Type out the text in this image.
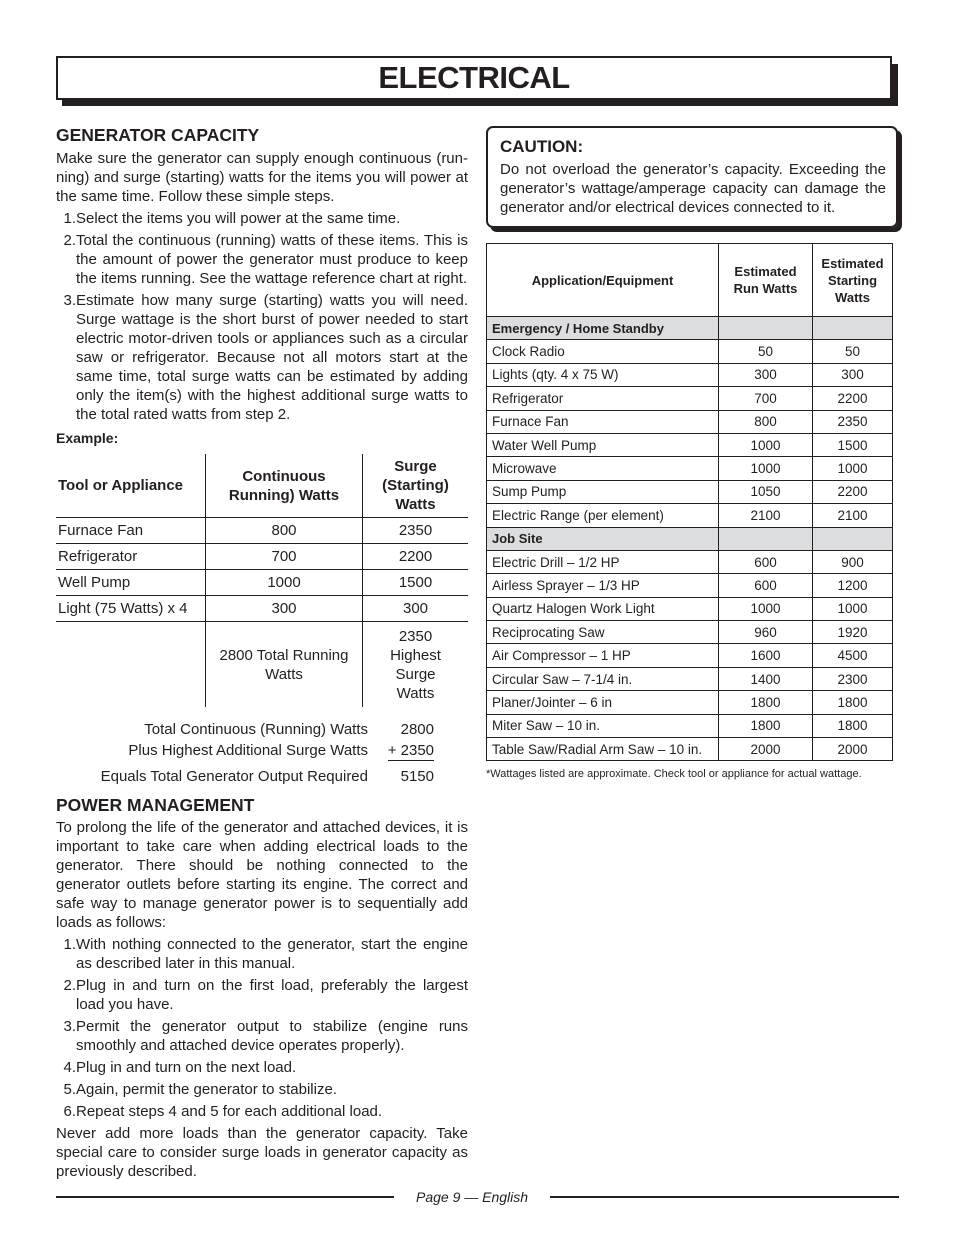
ELECTRICAL
GENERATOR CAPACITY

Make sure the generator can supply enough continuous (run-ning) and surge (starting) watts for the items you will power at the same time. Follow these simple steps.

1. Select the items you will power at the same time.
2. Total the continuous (running) watts of these items. This is the amount of power the generator must produce to keep the items running. See the wattage reference chart at right.
3. Estimate how many surge (starting) watts you will need. Surge wattage is the short burst of power needed to start electric motor-driven tools or appliances such as a circular saw or refrigerator. Because not all motors start at the same time, total surge watts can be estimated by adding only the item(s) with the highest additional surge watts to the total rated watts from step 2.

Example:

Tool or Appliance	Continuous Running) Watts	Surge (Starting) Watts
Furnace Fan	800	2350
Refrigerator	700	2200
Well Pump	1000	1500
Light (75 Watts) x 4	300	300
	2800 Total Running Watts	2350 Highest Surge Watts
Total Continuous (Running) Watts	2800
Plus Highest Additional Surge Watts	+ 2350
Equals Total Generator Output Required	5150
POWER MANAGEMENT

To prolong the life of the generator and attached devices, it is important to take care when adding electrical loads to the generator. There should be nothing connected to the generator outlets before starting its engine. The correct and safe way to manage generator power is to sequentially add loads as follows:

1. With nothing connected to the generator, start the engine as described later in this manual.
2. Plug in and turn on the first load, preferably the largest load you have.
3. Permit the generator output to stabilize (engine runs smoothly and attached device operates properly).
4. Plug in and turn on the next load.
5. Again, permit the generator to stabilize.
6. Repeat steps 4 and 5 for each additional load.

Never add more loads than the generator capacity. Take special care to consider surge loads in generator capacity as previously described.

CAUTION:

Do not overload the generator’s capacity. Exceeding the generator’s wattage/amperage capacity can damage the generator and/or electrical devices connected to it.

Application/Equipment	Estimated Run Watts	Estimated Starting Watts
Emergency / Home Standby		
Clock Radio	50	50
Lights (qty. 4 x 75 W)	300	300
Refrigerator	700	2200
Furnace Fan	800	2350
Water Well Pump	1000	1500
Microwave	1000	1000
Sump Pump	1050	2200
Electric Range (per element)	2100	2100
Job Site		
Electric Drill – 1/2 HP	600	900
Airless Sprayer – 1/3 HP	600	1200
Quartz Halogen Work Light	1000	1000
Reciprocating Saw	960	1920
Air Compressor – 1 HP	1600	4500
Circular Saw – 7-1/4 in.	1400	2300
Planer/Jointer – 6 in	1800	1800
Miter Saw – 10 in.	1800	1800
Table Saw/Radial Arm Saw – 10 in.	2000	2000
*Wattages listed are approximate. Check tool or appliance for actual wattage.
Page 9 — English
